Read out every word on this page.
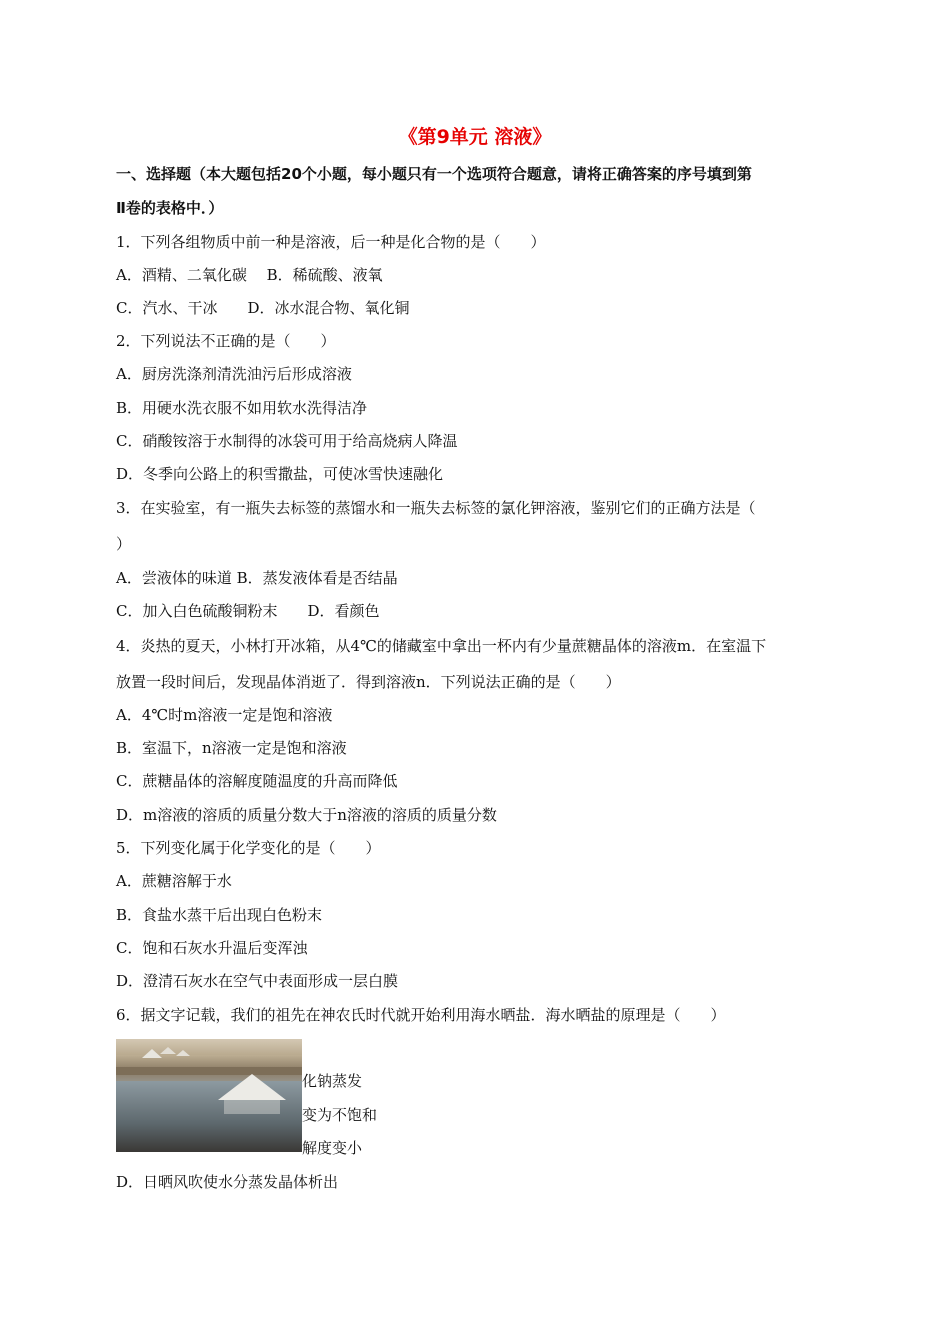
《第9单元 溶液》
一、选择题（本大题包括20个小题，每小题只有一个选项符合题意，请将正确答案的序号填到第
Ⅱ卷的表格中．）
1．下列各组物质中前一种是溶液，后一种是化合物的是（　　）
A．酒精、二氧化碳　 B．稀硫酸、液氧
C．汽水、干冰　　D．冰水混合物、氧化铜
2．下列说法不正确的是（　　）
A．厨房洗涤剂清洗油污后形成溶液
B．用硬水洗衣服不如用软水洗得洁净
C．硝酸铵溶于水制得的冰袋可用于给高烧病人降温
D．冬季向公路上的积雪撒盐，可使冰雪快速融化
3．在实验室，有一瓶失去标签的蒸馏水和一瓶失去标签的氯化钾溶液，鉴别它们的正确方法是（
）
A．尝液体的味道 B．蒸发液体看是否结晶
C．加入白色硫酸铜粉末　　D．看颜色
4．炎热的夏天，小林打开冰箱，从4℃的储藏室中拿出一杯内有少量蔗糖晶体的溶液m．在室温下
放置一段时间后，发现晶体消逝了．得到溶液n．下列说法正确的是（　　）
A．4℃时m溶液一定是饱和溶液
B．室温下，n溶液一定是饱和溶液
C．蔗糖晶体的溶解度随温度的升高而降低
D．m溶液的溶质的质量分数大于n溶液的溶质的质量分数
5．下列变化属于化学变化的是（　　）
A．蔗糖溶解于水
B．食盐水蒸干后出现白色粉末
C．饱和石灰水升温后变浑浊
D．澄清石灰水在空气中表面形成一层白膜
6．据文字记载，我们的祖先在神农氏时代就开始利用海水晒盐．海水晒盐的原理是（　　）
化钠蒸发
变为不饱和
解度变小
D．日晒风吹使水分蒸发晶体析出
